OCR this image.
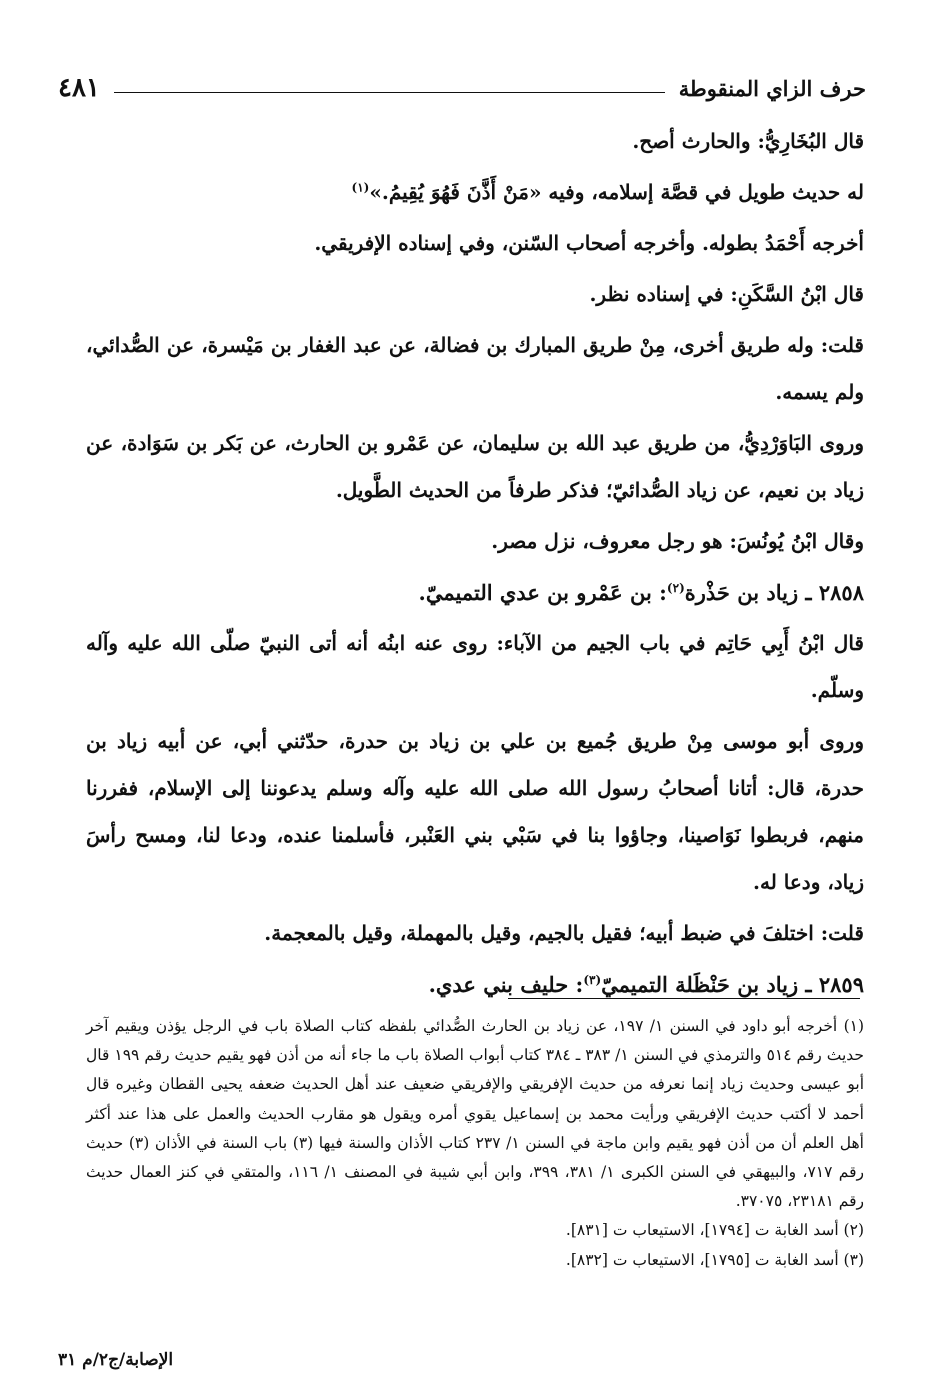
حرف الزاي المنقوطة
٤٨١

قال البُخَارِيُّ: والحارث أصح.

له حديث طويل في قصَّة إسلامه، وفيه «مَنْ أَذَّنَ فَهُوَ يُقِيمُ.»$^{(١)}$

أخرجه أَحْمَدُ بطوله. وأخرجه أصحاب السّنن، وفي إسناده الإفريقي.

قال ابْنُ السَّكَنِ: في إسناده نظر.

قلت: وله طريق أخرى، مِنْ طريق المبارك بن فضالة، عن عبد الغفار بن مَيْسرة، عن الصُّدائي، ولم يسمه.

وروى البَاوَرْدِيُّ، من طريق عبد الله بن سليمان، عن عَمْرو بن الحارث، عن بَكر بن سَوَادة، عن زياد بن نعيم، عن زياد الصُّدائيّ؛ فذكر طرفاً من الحديث الطَّويل.

وقال ابْنُ يُونُسَ: هو رجل معروف، نزل مصر.

٢٨٥٨ ـ زياد بن حَذْرة$^{(٢)}$: بن عَمْرو بن عدي التميميّ.

قال ابْنُ أَبِي حَاتِم في باب الجيم من الآباء: روى عنه ابنُه أنه أتى النبيّ صلّى الله عليه وآله وسلّم.

وروى أبو موسى مِنْ طريق جُميع بن علي بن زياد بن حدرة، حدّثني أبي، عن أبيه زياد بن حدرة، قال: أتانا أصحابُ رسول الله صلى الله عليه وآله وسلم يدعوننا إلى الإسلام، ففررنا منهم، فربطوا نَوَاصينا، وجاؤوا بنا في سَبْي بني العَنْبر، فأسلمنا عنده، ودعا لنا، ومسح رأسَ زياد، ودعا له.

قلت: اختلفَ في ضبط أبيه؛ فقيل بالجيم، وقيل بالمهملة، وقيل بالمعجمة.

٢٨٥٩ ـ زياد بن حَنْظَلة التميميّ$^{(٣)}$: حليف بني عدي.

(١) أخرجه أبو داود في السنن ١/ ١٩٧، عن زياد بن الحارث الصُّدائي بلفظه كتاب الصلاة باب في الرجل يؤذن ويقيم آخر حديث رقم ٥١٤ والترمذي في السنن ١/ ٣٨٣ ـ ٣٨٤ كتاب أبواب الصلاة باب ما جاء أنه من أذن فهو يقيم حديث رقم ١٩٩ قال أبو عيسى وحديث زياد إنما نعرفه من حديث الإفريقي والإفريقي ضعيف عند أهل الحديث ضعفه يحيى القطان وغيره قال أحمد لا أكتب حديث الإفريقي ورأيت محمد بن إسماعيل يقوي أمره ويقول هو مقارب الحديث والعمل على هذا عند أكثر أهل العلم أن من أذن فهو يقيم وابن ماجة في السنن ١/ ٢٣٧ كتاب الأذان والسنة فيها (٣) باب السنة في الأذان (٣) حديث رقم ٧١٧، والبيهقي في السنن الكبرى ١/ ٣٨١، ٣٩٩، وابن أبي شيبة في المصنف ١/ ١١٦، والمتقي في كنز العمال حديث رقم ٢٣١٨١، ٣٧٠٧٥.

(٢) أسد الغابة ت [١٧٩٤]، الاستيعاب ت [٨٣١].

(٣) أسد الغابة ت [١٧٩٥]، الاستيعاب ت [٨٣٢].

الإصابة/ج٢/م ٣١
